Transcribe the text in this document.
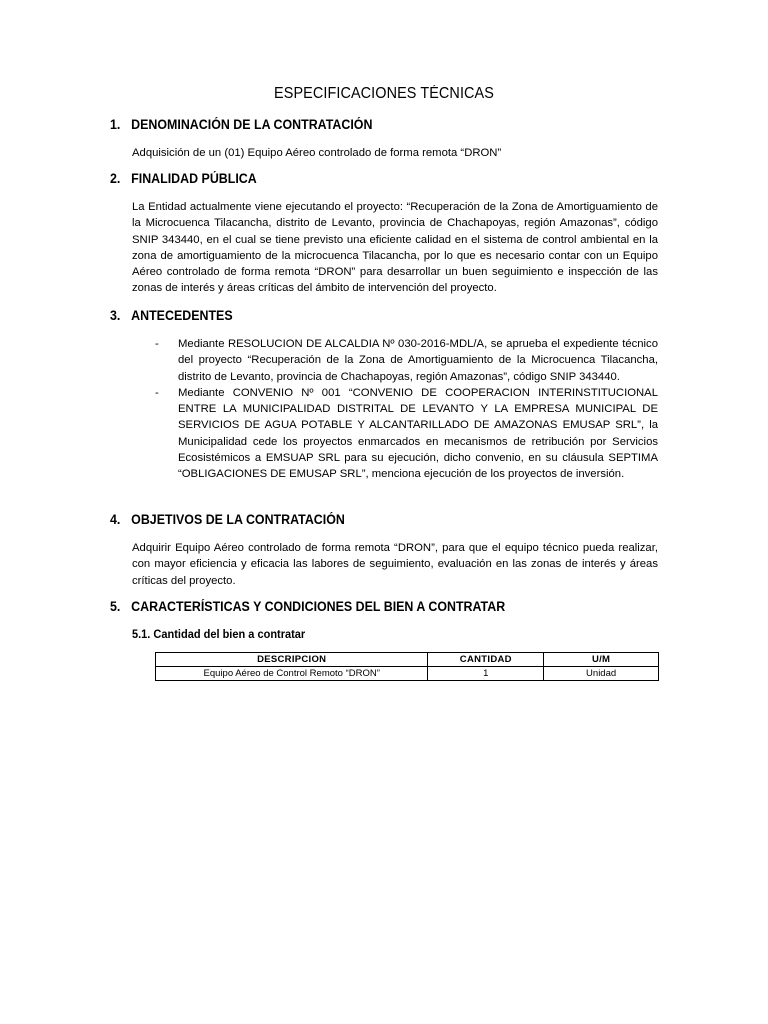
ESPECIFICACIONES TÉCNICAS
1. DENOMINACIÓN DE LA CONTRATACIÓN

Adquisición de un (01) Equipo Aéreo controlado de forma remota “DRON”

2. FINALIDAD PÚBLICA

La Entidad actualmente viene ejecutando el proyecto: “Recuperación de la Zona de Amortiguamiento de la Microcuenca Tilacancha, distrito de Levanto, provincia de Chachapoyas, región Amazonas”, código SNIP 343440, en el cual se tiene previsto una eficiente calidad en el sistema de control ambiental en la zona de amortiguamiento de la microcuenca Tilacancha, por lo que es necesario contar con un Equipo Aéreo controlado de forma remota “DRON” para desarrollar un buen seguimiento e inspección de las zonas de interés y áreas críticas del ámbito de intervención del proyecto.

3. ANTECEDENTES
- Mediante RESOLUCION DE ALCALDIA Nº 030-2016-MDL/A, se aprueba el expediente técnico del proyecto “Recuperación de la Zona de Amortiguamiento de la Microcuenca Tilacancha, distrito de Levanto, provincia de Chachapoyas, región Amazonas”, código SNIP 343440.
- Mediante CONVENIO Nº 001 “CONVENIO DE COOPERACION INTERINSTITUCIONAL ENTRE LA MUNICIPALIDAD DISTRITAL DE LEVANTO Y LA EMPRESA MUNICIPAL DE SERVICIOS DE AGUA POTABLE Y ALCANTARILLADO DE AMAZONAS EMUSAP SRL”, la Municipalidad cede los proyectos enmarcados en mecanismos de retribución por Servicios Ecosistémicos a EMSUAP SRL para su ejecución, dicho convenio, en su cláusula SEPTIMA “OBLIGACIONES DE EMUSAP SRL”, menciona ejecución de los proyectos de inversión.
4. OBJETIVOS DE LA CONTRATACIÓN

Adquirir Equipo Aéreo controlado de forma remota “DRON”, para que el equipo técnico pueda realizar, con mayor eficiencia y eficacia las labores de seguimiento, evaluación en las zonas de interés y áreas críticas del proyecto.

5. CARACTERÍSTICAS Y CONDICIONES DEL BIEN A CONTRATAR
5.1. Cantidad del bien a contratar
DESCRIPCION	CANTIDAD	U/M
Equipo Aéreo de Control Remoto “DRON”	1	Unidad
